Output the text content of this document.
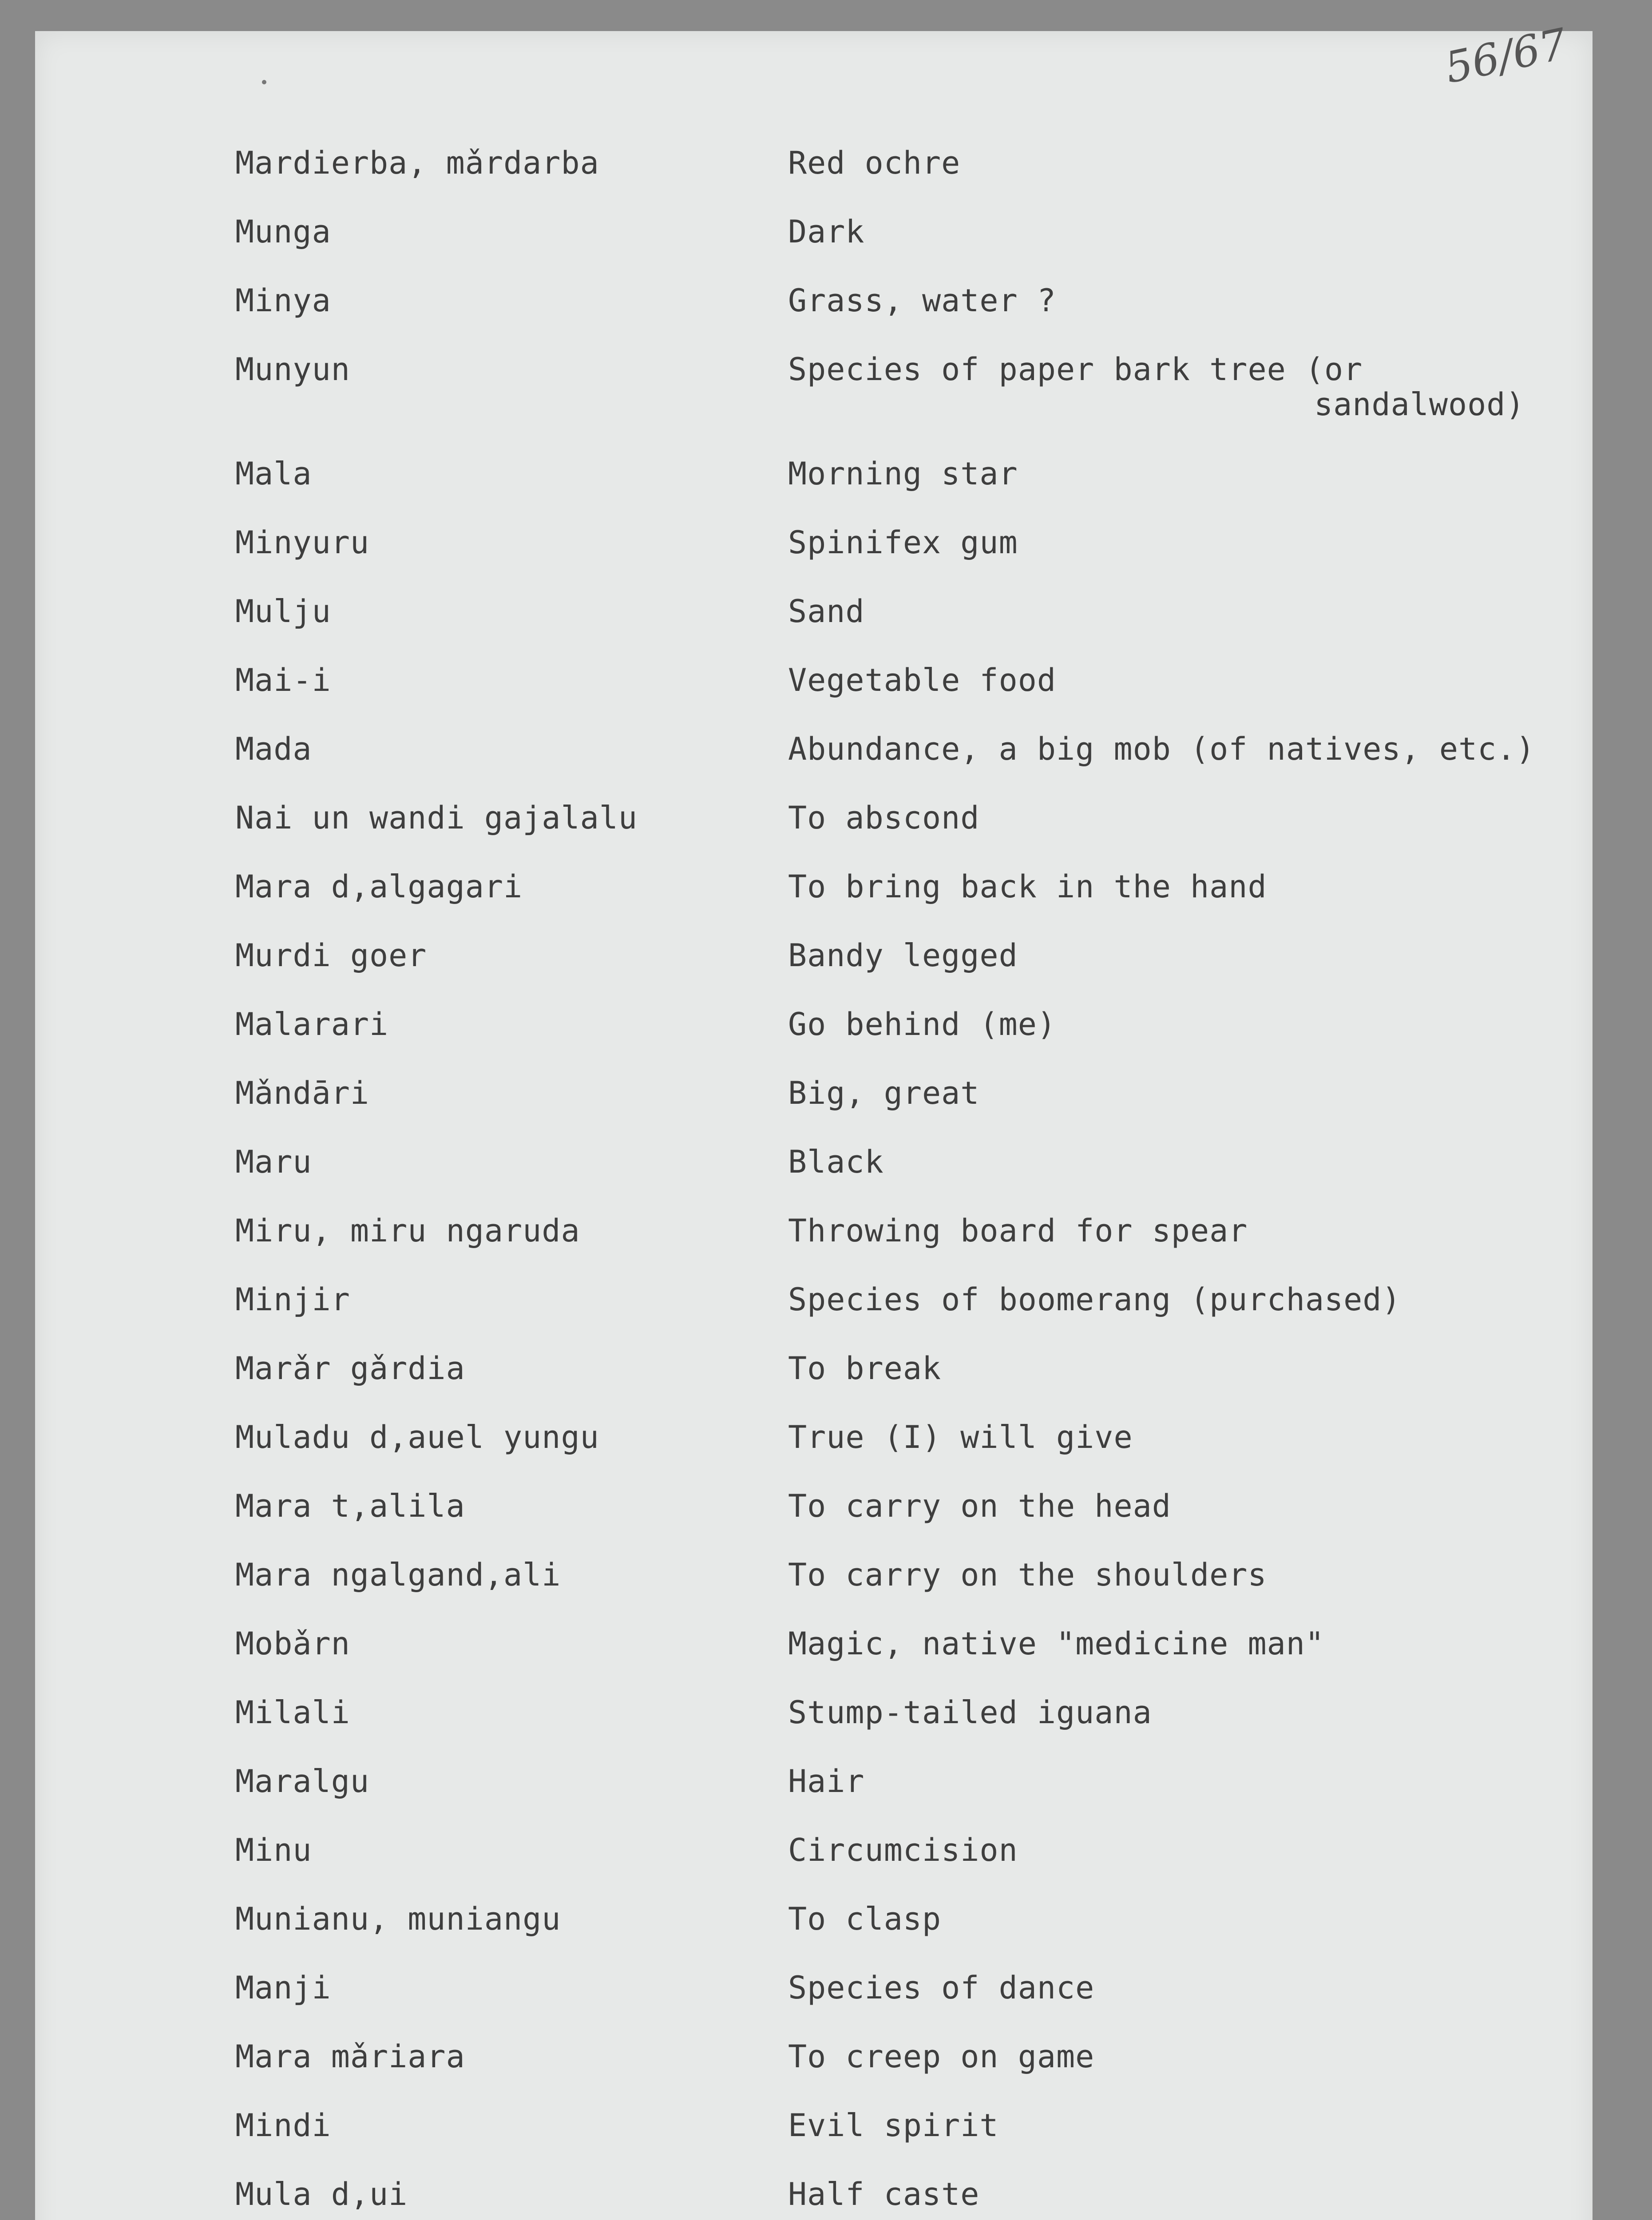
56/67
Mardierba, mǎrdarba	Red ochre
Munga	Dark
Minya	Grass, water ?
Munyun	Species of paper bark tree (or
sandalwood)
Mala	Morning star
Minyuru	Spinifex gum
Mulju	Sand
Mai-i	Vegetable food
Mada	Abundance, a big mob (of natives, etc.)
Nai un wandi gajalalu	To abscond
Mara d,algagari	To bring back in the hand
Murdi goer	Bandy legged
Malarari	Go behind (me)
Mǎndāri	Big, great
Maru	Black
Miru, miru ngaruda	Throwing board for spear
Minjir	Species of boomerang (purchased)
Marǎr gǎrdia	To break
Muladu d,auel yungu	True (I) will give
Mara t,alila	To carry on the head
Mara ngalgand,ali	To carry on the shoulders
Mobǎrn	Magic, native "medicine man"
Milali	Stump-tailed iguana
Maralgu	Hair
Minu	Circumcision
Munianu, muniangu	To clasp
Manji	Species of dance
Mara mǎriara	To creep on game
Mindi	Evil spirit
Mula d,ui	Half caste
